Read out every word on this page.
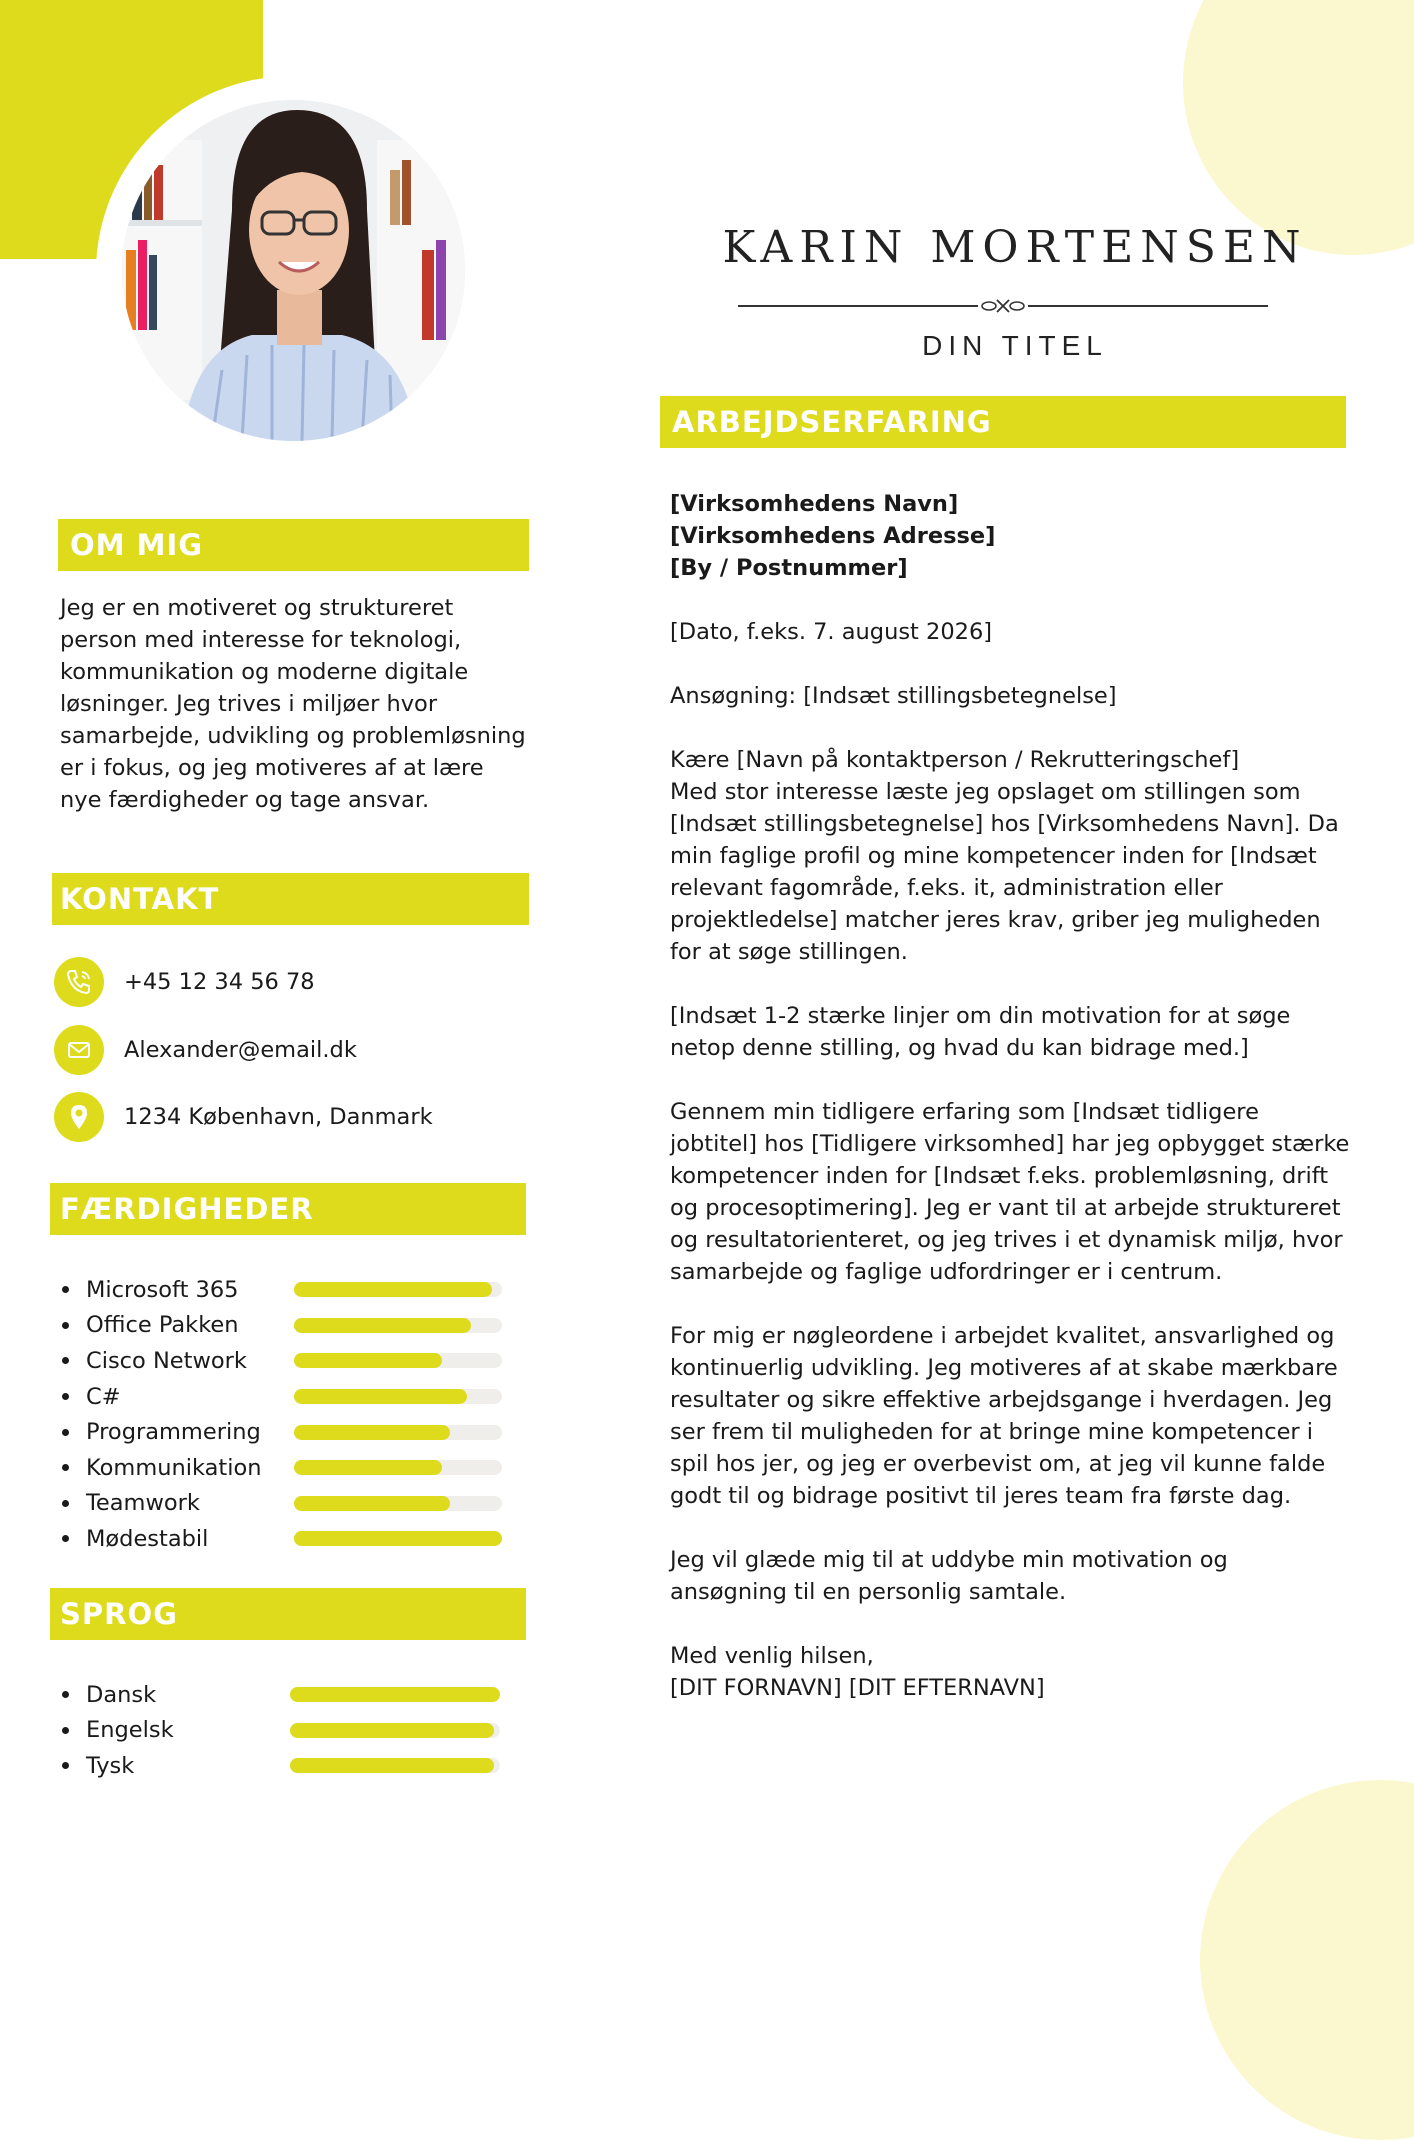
KARIN MORTENSEN
DIN TITEL
OM MIG

Jeg er en motiveret og struktureret person med interesse for teknologi, kommunikation og moderne digitale løsninger. Jeg trives i miljøer hvor samarbejde, udvikling og problemløsning er i fokus, og jeg motiveres af at lære nye færdigheder og tage ansvar.

KONTAKT
+45 12 34 56 78
Alexander@email.dk
1234 København, Danmark
FÆRDIGHEDER
Microsoft 365
Office Pakken
Cisco Network
C#
Programmering
Kommunikation
Teamwork
Mødestabil
SPROG
Dansk
Engelsk
Tysk
ARBEJDSERFARING

[Virksomhedens Navn]
[Virksomhedens Adresse]
[By / Postnummer]

[Dato, f.eks. 7. august 2026]

Ansøgning: [Indsæt stillingsbetegnelse]

Kære [Navn på kontaktperson / Rekrutteringschef]
Med stor interesse læste jeg opslaget om stillingen som [Indsæt stillingsbetegnelse] hos [Virksomhedens Navn]. Da min faglige profil og mine kompetencer inden for [Indsæt relevant fagområde, f.eks. it, administration eller projektledelse] matcher jeres krav, griber jeg muligheden for at søge stillingen.

[Indsæt 1-2 stærke linjer om din motivation for at søge netop denne stilling, og hvad du kan bidrage med.]

Gennem min tidligere erfaring som [Indsæt tidligere jobtitel] hos [Tidligere virksomhed] har jeg opbygget stærke kompetencer inden for [Indsæt f.eks. problemløsning, drift og procesoptimering]. Jeg er vant til at arbejde struktureret og resultatorienteret, og jeg trives i et dynamisk miljø, hvor samarbejde og faglige udfordringer er i centrum.

For mig er nøgleordene i arbejdet kvalitet, ansvarlighed og kontinuerlig udvikling. Jeg motiveres af at skabe mærkbare resultater og sikre effektive arbejdsgange i hverdagen. Jeg ser frem til muligheden for at bringe mine kompetencer i spil hos jer, og jeg er overbevist om, at jeg vil kunne falde godt til og bidrage positivt til jeres team fra første dag.

Jeg vil glæde mig til at uddybe min motivation og ansøgning til en personlig samtale.

Med venlig hilsen,
[DIT FORNAVN] [DIT EFTERNAVN]
